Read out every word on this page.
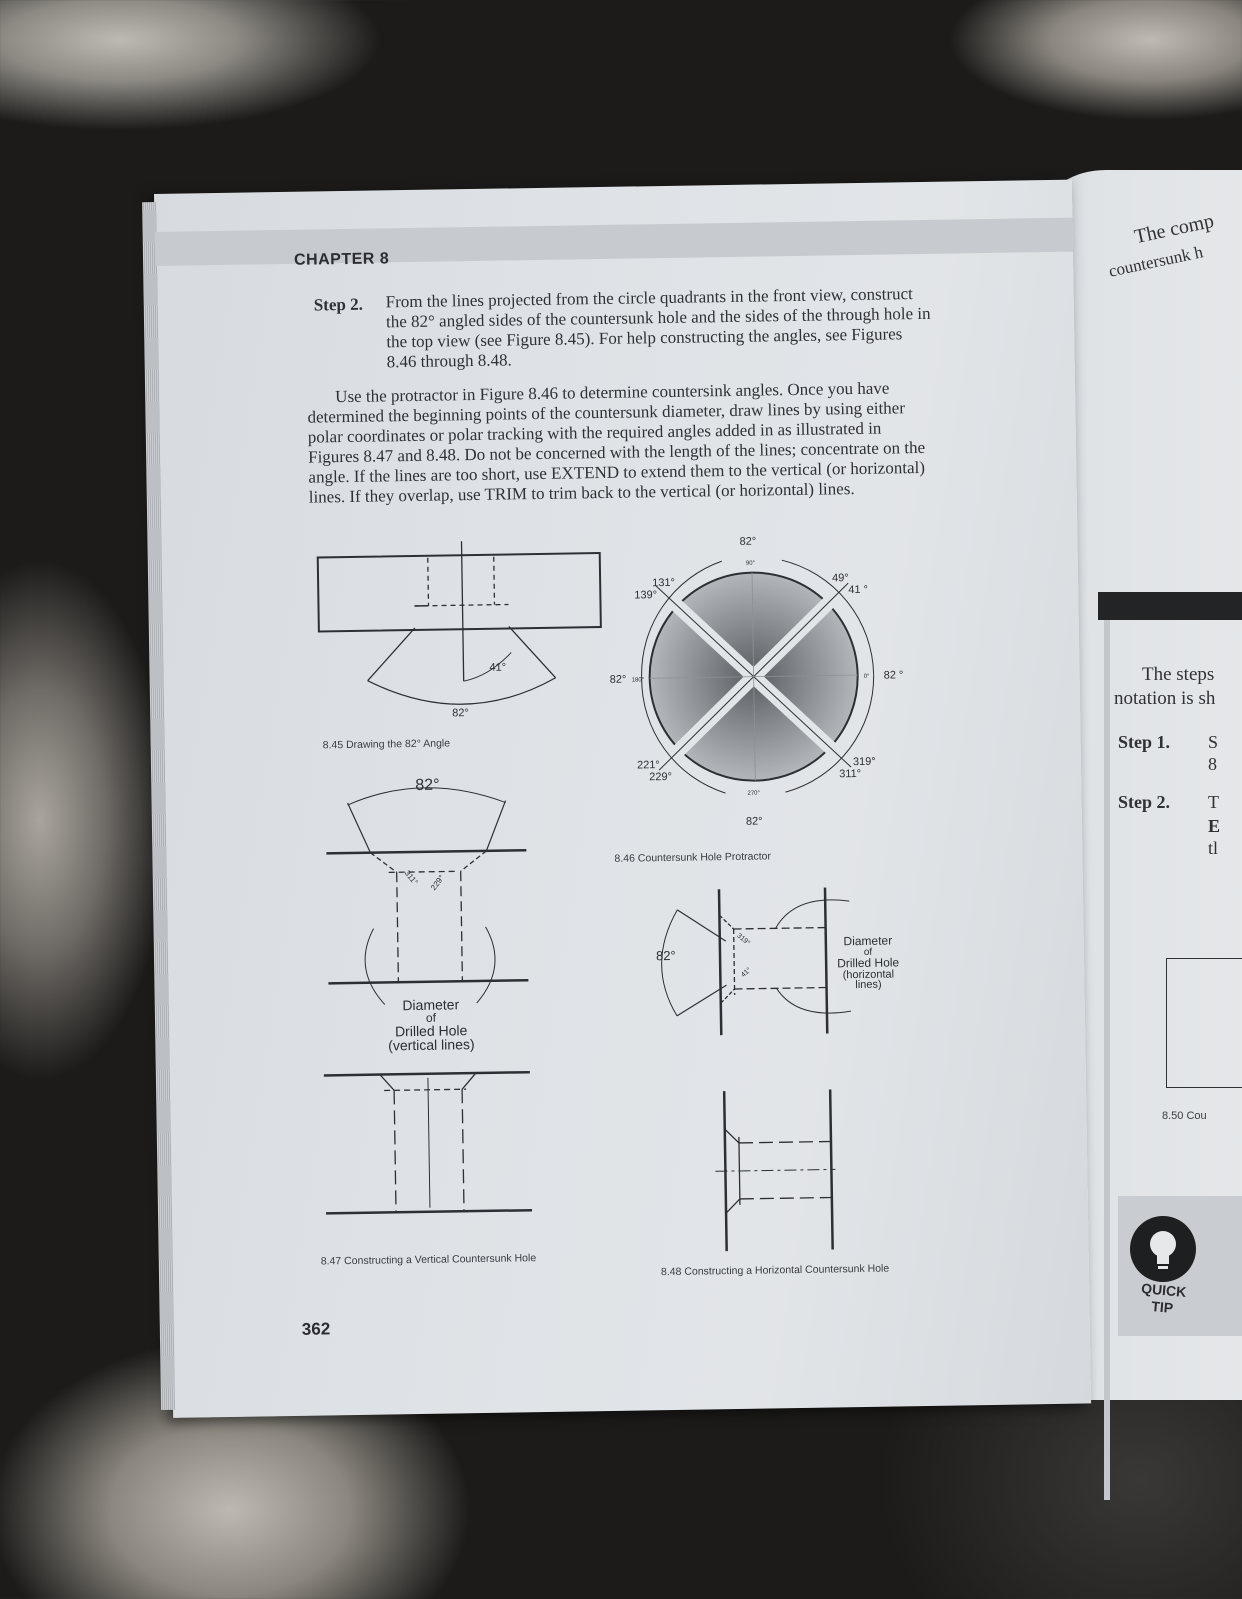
The comp
countersunk h
The steps
notation is sh
Step 1. S
8
Step 2. T
E
tl
8.50 Cou
QUICK TIP
CHAPTER 8
Step 2. From the lines projected from the circle quadrants in the front view, construct the 82° angled sides of the countersunk hole and the sides of the through hole in the top view (see Figure 8.45). For help constructing the angles, see Figures 8.46 through 8.48.
Use the protractor in Figure 8.46 to determine countersink angles. Once you have determined the beginning points of the countersunk diameter, draw lines by using either polar coordinates or polar tracking with the required angles added in as illustrated in Figures 8.47 and 8.48. Do not be concerned with the length of the lines; concentrate on the angle. If the lines are too short, use EXTEND to extend them to the vertical (or horizontal) lines. If they overlap, use TRIM to trim back to the vertical (or horizontal) lines.
41°
82°
8.45 Drawing the 82° Angle
82°
90°
131°
139°
49°
41 °
82° 180°
0° 82 °
221°
229°
319°
311°
270°
82°
8.46 Countersunk Hole Protractor
82°
311° 229°
Diameter
of
Drilled Hole
(vertical lines)
8.47 Constructing a Vertical Countersunk Hole
82°
319°
41°
Diameter
of
Drilled Hole
(horizontal
lines)
8.48 Constructing a Horizontal Countersunk Hole
362
